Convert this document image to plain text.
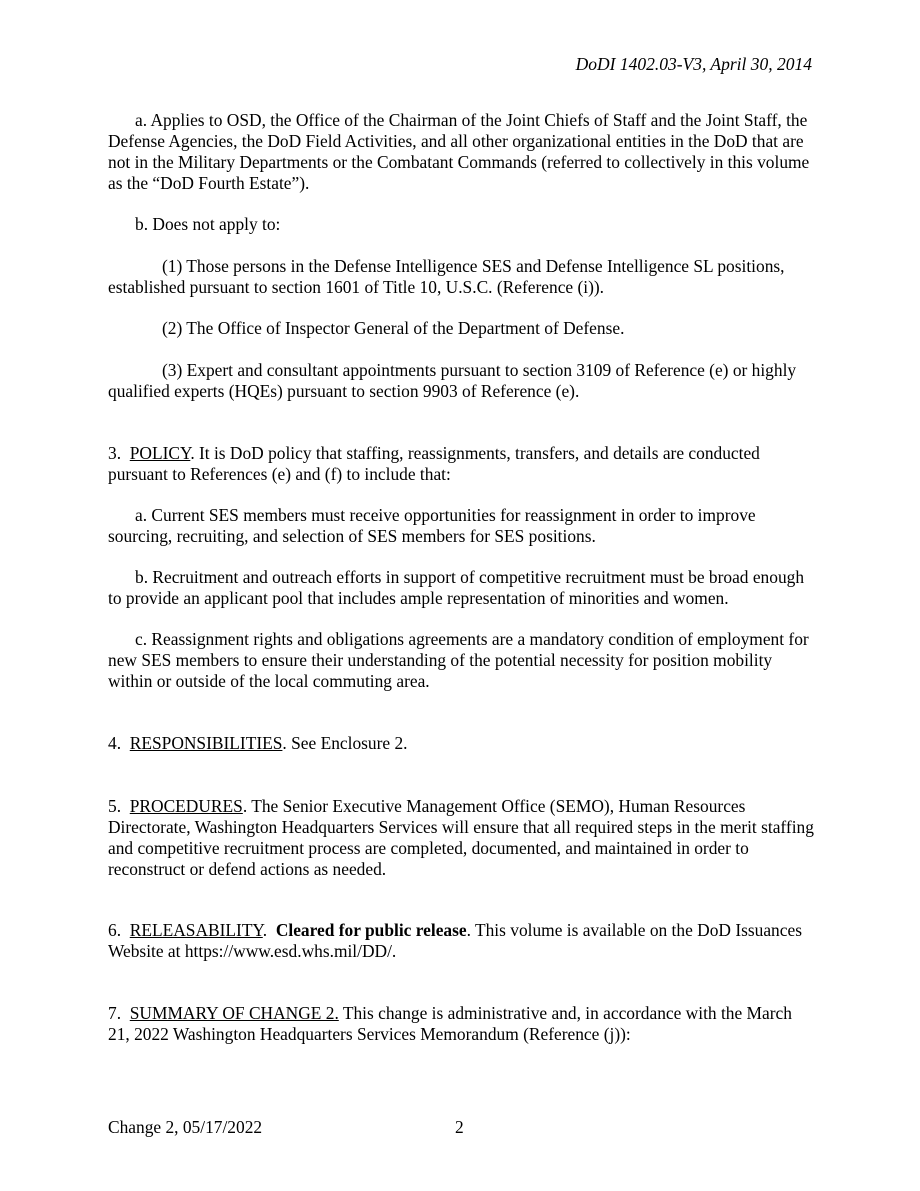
DoDI 1402.03-V3, April 30, 2014

a. Applies to OSD, the Office of the Chairman of the Joint Chiefs of Staff and the Joint Staff, the Defense Agencies, the DoD Field Activities, and all other organizational entities in the DoD that are not in the Military Departments or the Combatant Commands (referred to collectively in this volume as the “DoD Fourth Estate”).

b. Does not apply to:

(1) Those persons in the Defense Intelligence SES and Defense Intelligence SL positions, established pursuant to section 1601 of Title 10, U.S.C. (Reference (i)).

(2) The Office of Inspector General of the Department of Defense.

(3) Expert and consultant appointments pursuant to section 3109 of Reference (e) or highly qualified experts (HQEs) pursuant to section 9903 of Reference (e).

3. POLICY. It is DoD policy that staffing, reassignments, transfers, and details are conducted pursuant to References (e) and (f) to include that:

a. Current SES members must receive opportunities for reassignment in order to improve sourcing, recruiting, and selection of SES members for SES positions.

b. Recruitment and outreach efforts in support of competitive recruitment must be broad enough to provide an applicant pool that includes ample representation of minorities and women.

c. Reassignment rights and obligations agreements are a mandatory condition of employment for new SES members to ensure their understanding of the potential necessity for position mobility within or outside of the local commuting area.

4. RESPONSIBILITIES. See Enclosure 2.

5. PROCEDURES. The Senior Executive Management Office (SEMO), Human Resources Directorate, Washington Headquarters Services will ensure that all required steps in the merit staffing and competitive recruitment process are completed, documented, and maintained in order to reconstruct or defend actions as needed.

6. RELEASABILITY.  Cleared for public release. This volume is available on the DoD Issuances Website at https://www.esd.whs.mil/DD/.

7. SUMMARY OF CHANGE 2. This change is administrative and, in accordance with the March 21, 2022 Washington Headquarters Services Memorandum (Reference (j)):

Change 2, 05/17/2022	2
